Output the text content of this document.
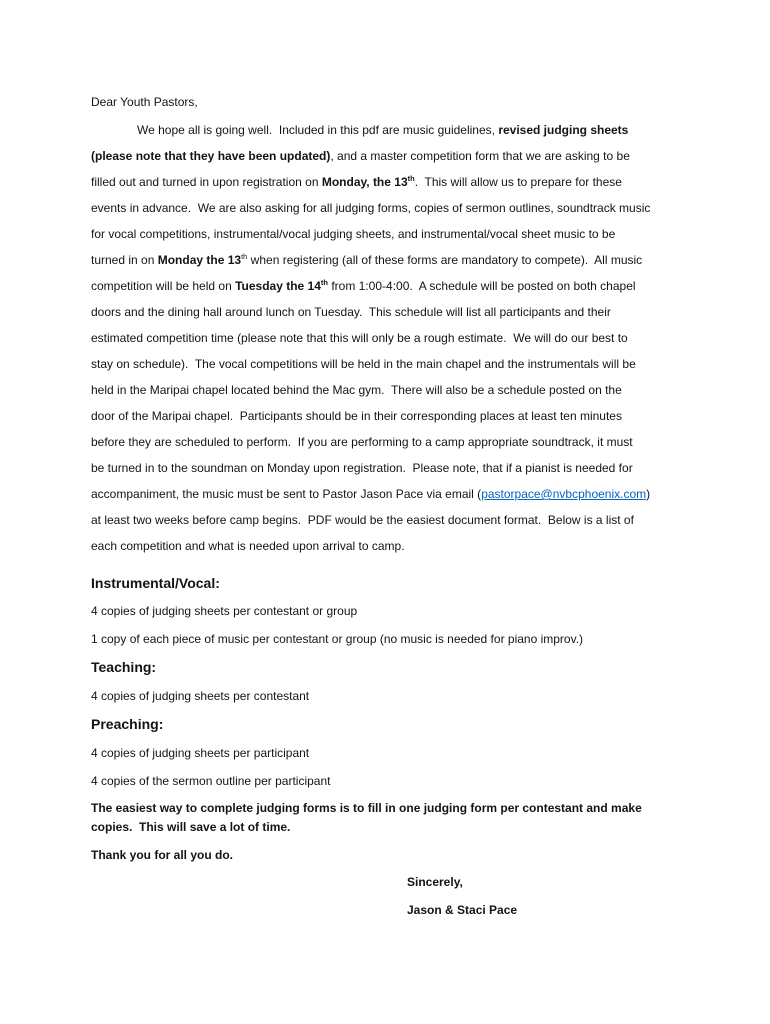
Dear Youth Pastors,
We hope all is going well.  Included in this pdf are music guidelines, revised judging sheets
(please note that they have been updated), and a master competition form that we are asking to be
filled out and turned in upon registration on Monday, the 13th.  This will allow us to prepare for these
events in advance.  We are also asking for all judging forms, copies of sermon outlines, soundtrack music
for vocal competitions, instrumental/vocal judging sheets, and instrumental/vocal sheet music to be
turned in on Monday the 13th when registering (all of these forms are mandatory to compete).  All music
competition will be held on Tuesday the 14th from 1:00-4:00.  A schedule will be posted on both chapel
doors and the dining hall around lunch on Tuesday.  This schedule will list all participants and their
estimated competition time (please note that this will only be a rough estimate.  We will do our best to
stay on schedule).  The vocal competitions will be held in the main chapel and the instrumentals will be
held in the Maripai chapel located behind the Mac gym.  There will also be a schedule posted on the
door of the Maripai chapel.  Participants should be in their corresponding places at least ten minutes
before they are scheduled to perform.  If you are performing to a camp appropriate soundtrack, it must
be turned in to the soundman on Monday upon registration.  Please note, that if a pianist is needed for
accompaniment, the music must be sent to Pastor Jason Pace via email (pastorpace@nvbcphoenix.com)
at least two weeks before camp begins.  PDF would be the easiest document format.  Below is a list of
each competition and what is needed upon arrival to camp.
Instrumental/Vocal:
4 copies of judging sheets per contestant or group
1 copy of each piece of music per contestant or group (no music is needed for piano improv.)
Teaching:
4 copies of judging sheets per contestant
Preaching:
4 copies of judging sheets per participant
4 copies of the sermon outline per participant
The easiest way to complete judging forms is to fill in one judging form per contestant and make
copies.  This will save a lot of time.
Thank you for all you do.
Sincerely,
Jason & Staci Pace
